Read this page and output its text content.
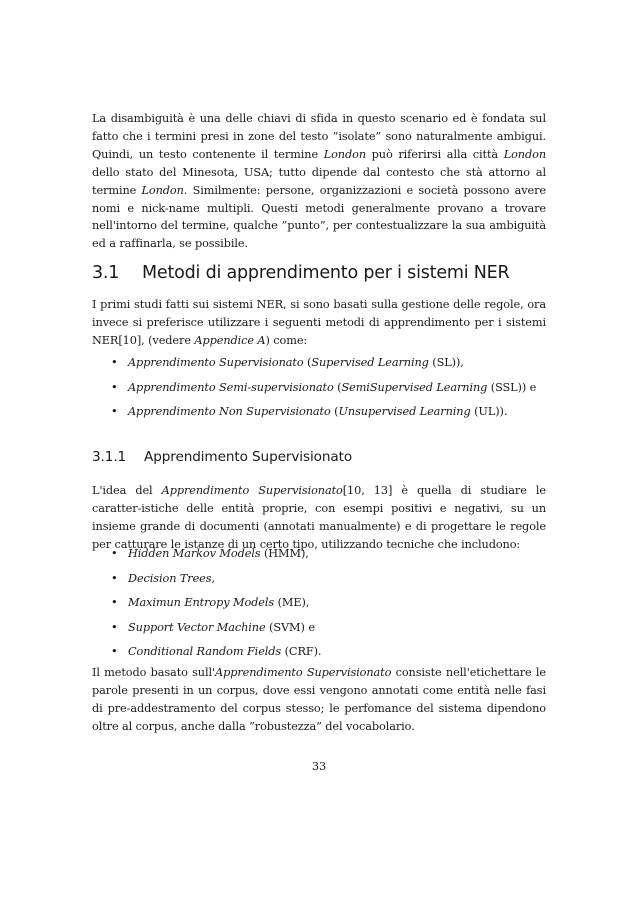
La disambiguità è una delle chiavi di sfida in questo scenario ed è fondata sul fatto che i termini presi in zone del testo ”isolate” sono naturalmente ambigui. Quindi, un testo contenente il termine London può riferirsi alla città London dello stato del Minesota, USA; tutto dipende dal contesto che stà attorno al termine London. Similmente: persone, organizzazioni e società possono avere nomi e nick-name multipli. Questi metodi generalmente provano a trovare nell'intorno del termine, qualche ”punto”, per contestualizzare la sua ambiguità ed a raffinarla, se possibile.

3.1 Metodi di apprendimento per i sistemi NER

I primi studi fatti sui sistemi NER, si sono basati sulla gestione delle regole, ora invece si preferisce utilizzare i seguenti metodi di apprendimento per i sistemi NER[10], (vedere Appendice A) come:

• Apprendimento Supervisionato (Supervised Learning (SL)),
• Apprendimento Semi-supervisionato (SemiSupervised Learning (SSL)) e
• Apprendimento Non Supervisionato (Unsupervised Learning (UL)).
3.1.1 Apprendimento Supervisionato

L'idea del Apprendimento Supervisionato[10, 13] è quella di studiare le caratter-istiche delle entità proprie, con esempi positivi e negativi, su un insieme grande di documenti (annotati manualmente) e di progettare le regole per catturare le istanze di un certo tipo, utilizzando tecniche che includono:

• Hidden Markov Models (HMM),
• Decision Trees,
• Maximun Entropy Models (ME),
• Support Vector Machine (SVM) e
• Conditional Random Fields (CRF).

Il metodo basato sull'Apprendimento Supervisionato consiste nell'etichettare le parole presenti in un corpus, dove essi vengono annotati come entità nelle fasi di pre-addestramento del corpus stesso; le perfomance del sistema dipendono oltre al corpus, anche dalla ”robustezza” del vocabolario.

33
